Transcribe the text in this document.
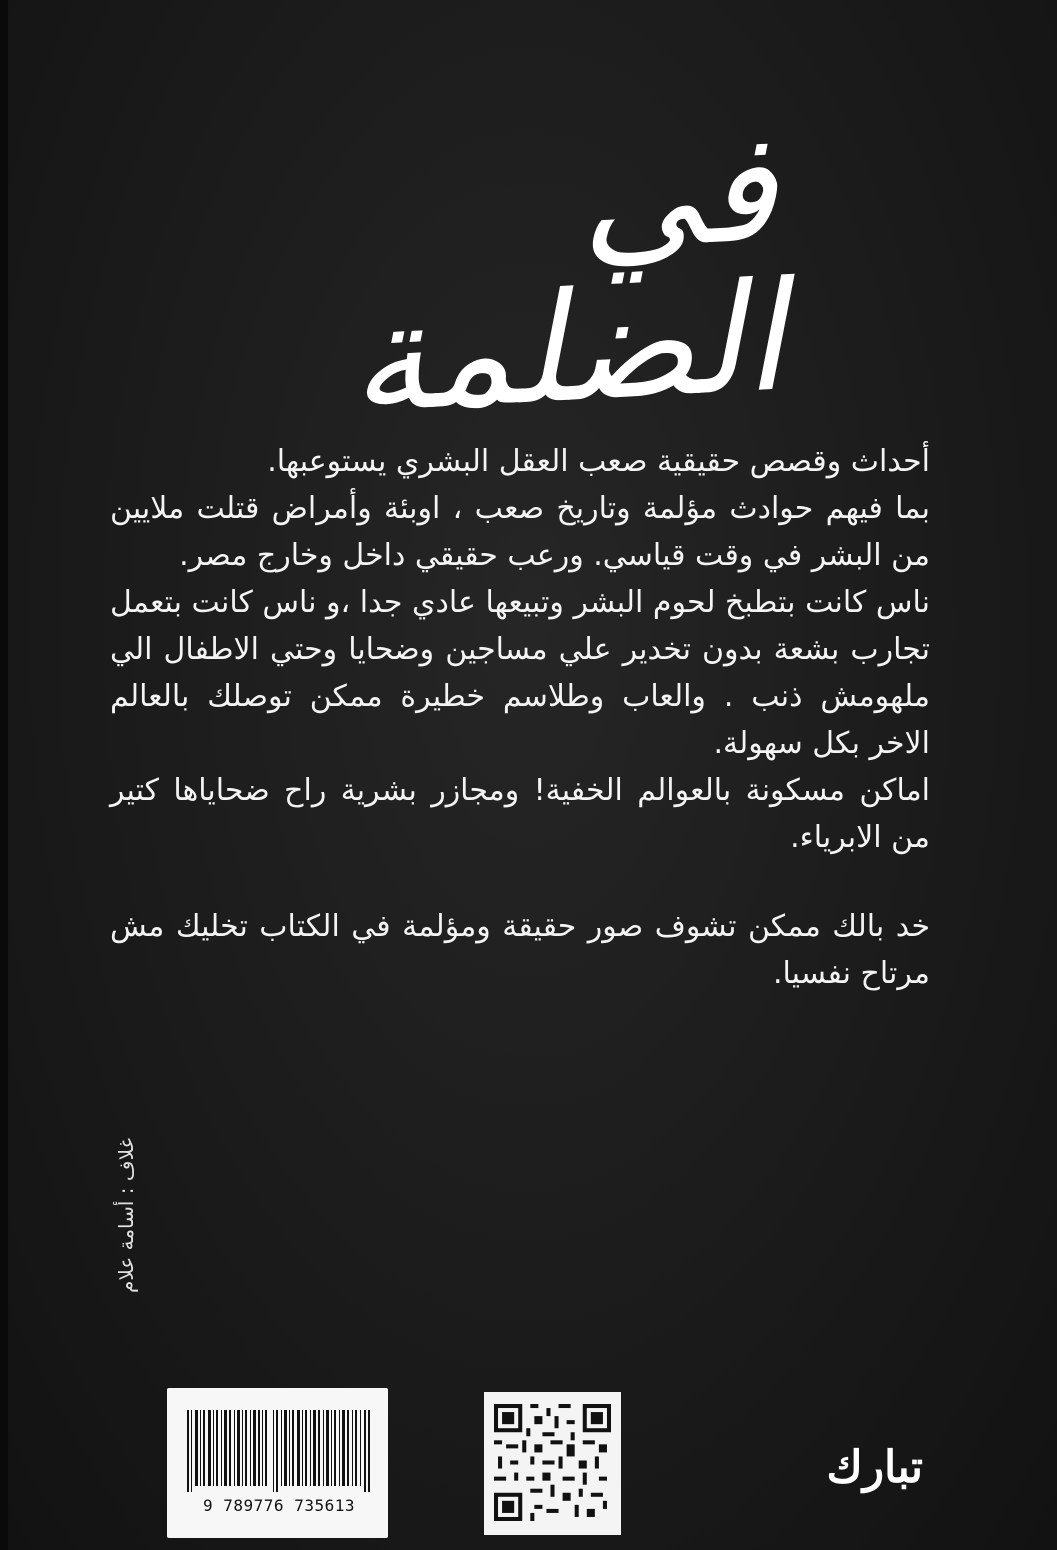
في الضلمة

أحداث وقصص حقيقية صعب العقل البشري يستوعبها.

بما فيهم حوادث مؤلمة وتاريخ صعب ، اوبئة وأمراض قتلت ملايين من البشر في وقت قياسي. ورعب حقيقي داخل وخارج مصر.

ناس كانت بتطبخ لحوم البشر وتبيعها عادي جدا ،و ناس كانت بتعمل تجارب بشعة بدون تخدير علي مساجين وضحايا وحتي الاطفال الي ملهومش ذنب . والعاب وطلاسم خطيرة ممكن توصلك بالعالم الاخر بكل سهولة.

اماكن مسكونة بالعوالم الخفية! ومجازر بشرية راح ضحاياها كتير من الابرياء.

خد بالك ممكن تشوف صور حقيقة ومؤلمة في الكتاب تخليك مش مرتاح نفسيا.

غلاف : أسامة علام
9 789776 735613
تبارك
